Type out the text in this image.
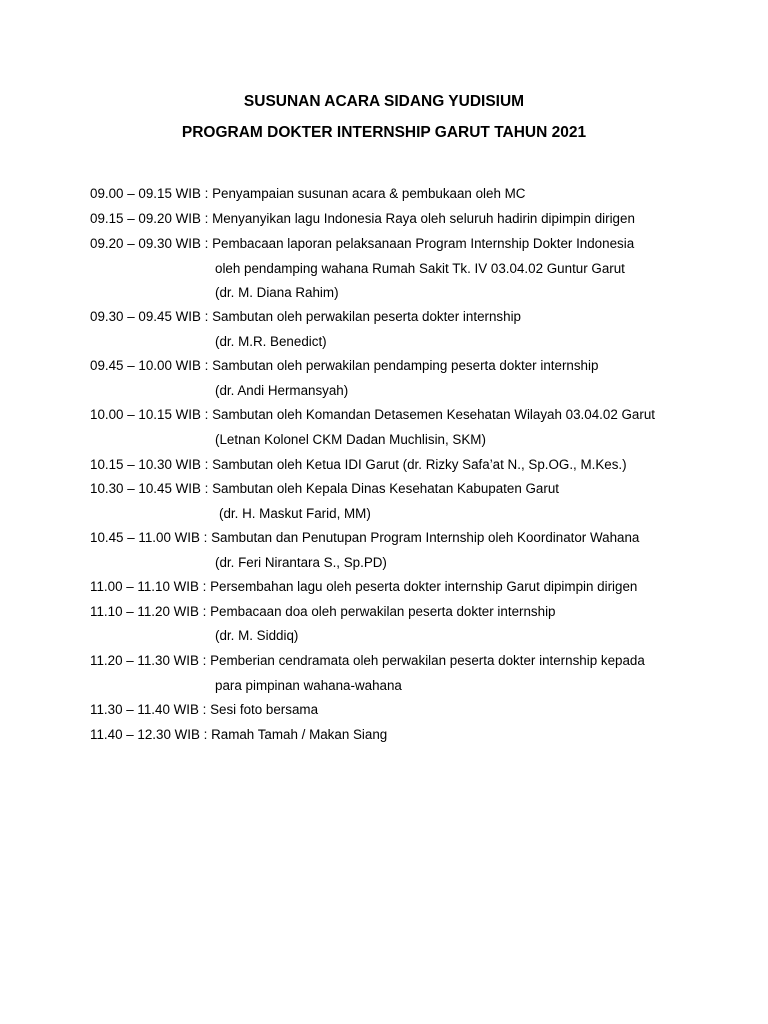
SUSUNAN ACARA SIDANG YUDISIUM
PROGRAM DOKTER INTERNSHIP GARUT TAHUN 2021
09.00 – 09.15 WIB : Penyampaian susunan acara & pembukaan oleh MC
09.15 – 09.20 WIB : Menyanyikan lagu Indonesia Raya oleh seluruh hadirin dipimpin dirigen
09.20 – 09.30 WIB : Pembacaan laporan pelaksanaan Program Internship Dokter Indonesia
oleh pendamping wahana Rumah Sakit Tk. IV 03.04.02 Guntur Garut
(dr. M. Diana Rahim)
09.30 – 09.45 WIB : Sambutan oleh perwakilan peserta dokter internship
(dr. M.R. Benedict)
09.45 – 10.00 WIB : Sambutan oleh perwakilan pendamping peserta dokter internship
(dr. Andi Hermansyah)
10.00 – 10.15 WIB : Sambutan oleh Komandan Detasemen Kesehatan Wilayah 03.04.02 Garut
(Letnan Kolonel CKM Dadan Muchlisin, SKM)
10.15 – 10.30 WIB : Sambutan oleh Ketua IDI Garut (dr. Rizky Safa’at N., Sp.OG., M.Kes.)
10.30 – 10.45 WIB : Sambutan oleh Kepala Dinas Kesehatan Kabupaten Garut
(dr. H. Maskut Farid, MM)
10.45 – 11.00 WIB : Sambutan dan Penutupan Program Internship oleh Koordinator Wahana
(dr. Feri Nirantara S., Sp.PD)
11.00 – 11.10 WIB : Persembahan lagu oleh peserta dokter internship Garut dipimpin dirigen
11.10 – 11.20 WIB : Pembacaan doa oleh perwakilan peserta dokter internship
(dr. M. Siddiq)
11.20 – 11.30 WIB : Pemberian cendramata oleh perwakilan peserta dokter internship kepada
para pimpinan wahana-wahana
11.30 – 11.40 WIB : Sesi foto bersama
11.40 – 12.30 WIB : Ramah Tamah / Makan Siang
